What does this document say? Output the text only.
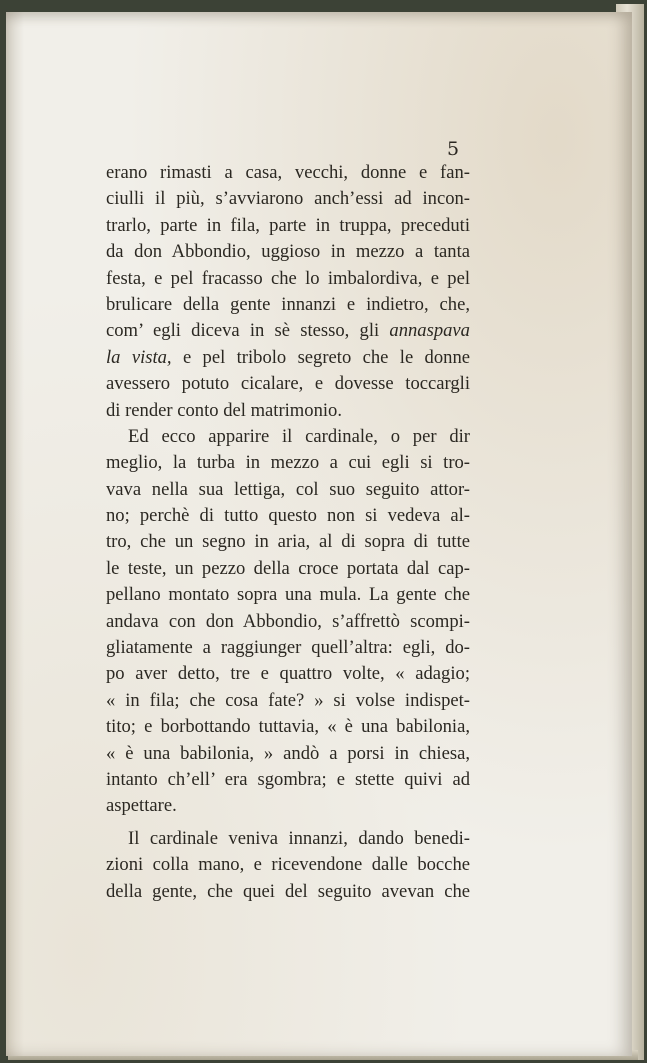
5
erano rimasti a casa, vecchi, donne e fan-
ciulli il più, s’avviarono anch’essi ad incon-
trarlo, parte in fila, parte in truppa, preceduti
da don Abbondio, uggioso in mezzo a tanta
festa, e pel fracasso che lo imbalordiva, e pel
brulicare della gente innanzi e indietro, che,
com’ egli diceva in sè stesso, gli annaspava
la vista, e pel tribolo segreto che le donne
avessero potuto cicalare, e dovesse toccargli
di render conto del matrimonio.
Ed ecco apparire il cardinale, o per dir
meglio, la turba in mezzo a cui egli si tro-
vava nella sua lettiga, col suo seguito attor-
no; perchè di tutto questo non si vedeva al-
tro, che un segno in aria, al di sopra di tutte
le teste, un pezzo della croce portata dal cap-
pellano montato sopra una mula. La gente che
andava con don Abbondio, s’affrettò scompi-
gliatamente a raggiunger quell’altra: egli, do-
po aver detto, tre e quattro volte, « adagio;
« in fila; che cosa fate? » si volse indispet-
tito; e borbottando tuttavia, « è una babilonia,
« è una babilonia, » andò a porsi in chiesa,
intanto ch’ell’ era sgombra; e stette quivi ad
aspettare.
Il cardinale veniva innanzi, dando benedi-
zioni colla mano, e ricevendone dalle bocche
della gente, che quei del seguito avevan che
